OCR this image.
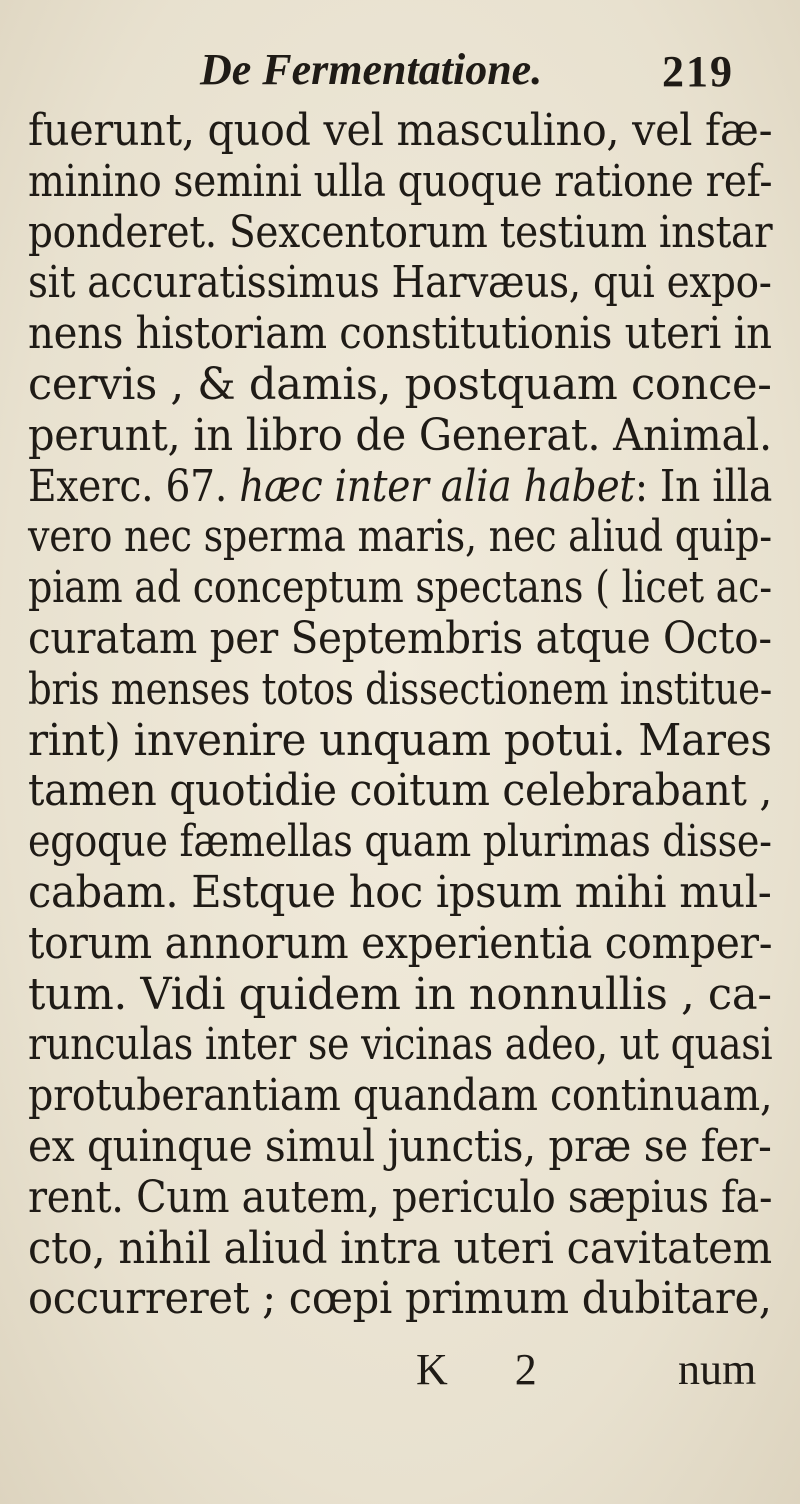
De Fermentatione.	219
fuerunt, quod vel masculino, vel fæ-
minino semini ulla quoque ratione ref-
ponderet. Sexcentorum testium instar
sit accuratissimus Harvæus, qui expo-
nens historiam constitutionis uteri in
cervis , & damis, postquam conce-
perunt, in libro de Generat. Animal.
Exerc. 67. hæc inter alia habet: In illa
vero nec sperma maris, nec aliud quip-
piam ad conceptum spectans ( licet ac-
curatam per Septembris atque Octo-
bris menses totos dissectionem institue-
rint) invenire unquam potui. Mares
tamen quotidie coitum celebrabant ,
egoque fæmellas quam plurimas disse-
cabam. Estque hoc ipsum mihi mul-
torum annorum experientia comper-
tum. Vidi quidem in nonnullis , ca-
runculas inter se vicinas adeo, ut quasi
protuberantiam quandam continuam,
ex quinque simul junctis, præ se fer-
rent. Cum autem, periculo sæpius fa-
cto, nihil aliud intra uteri cavitatem
occurreret ; cœpi primum dubitare,
K 2	num
